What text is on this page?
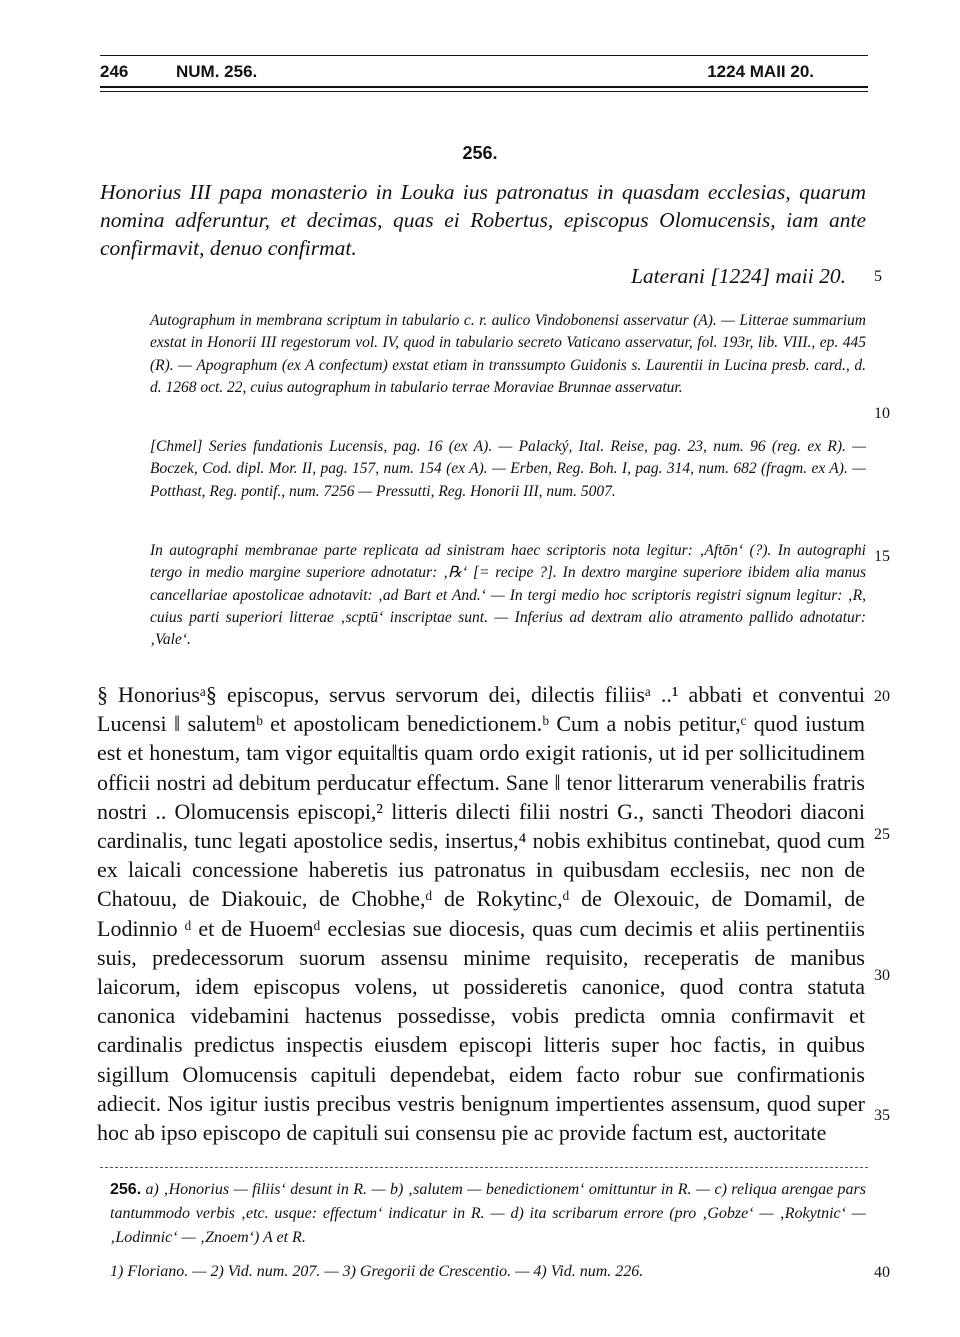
246	NUM. 256.	1224 MAII 20.
256.
Honorius III papa monasterio in Louka ius patronatus in quasdam ecclesias, quarum nomina adferuntur, et decimas, quas ei Robertus, episcopus Olomucensis, iam ante confirmavit, denuo confirmat.
Laterani [1224] maii 20. 5
Autographum in membrana scriptum in tabulario c. r. aulico Vindobonensi asservatur (A). — Litterae summarium exstat in Honorii III regestorum vol. IV, quod in tabulario secreto Vaticano asservatur, fol. 193r, lib. VIII., ep. 445 (R). — Apographum (ex A confectum) exstat etiam in transsumpto Guidonis s. Laurentii in Lucina presb. card., d. d. 1268 oct. 22, cuius autographum in tabulario terrae Moraviae Brunnae asservatur.
10
[Chmel] Series fundationis Lucensis, pag. 16 (ex A). — Palacký, Ital. Reise, pag. 23, num. 96 (reg. ex R). — Boczek, Cod. dipl. Mor. II, pag. 157, num. 154 (ex A). — Erben, Reg. Boh. I, pag. 314, num. 682 (fragm. ex A). — Potthast, Reg. pontif., num. 7256 — Pressutti, Reg. Honorii III, num. 5007.
In autographi membranae parte replicata ad sinistram haec scriptoris nota legitur: ‚Aftōn‘ (?). In autographi tergo in medio margine superiore adnotatur: ‚℞‘ [= recipe ?]. In dextro margine superiore ibidem alia manus cancellariae apostolicae adnotavit: ‚ad Bart et And.‘ — In tergi medio hoc scriptoris registri signum legitur: ‚R, cuius parti superiori litterae ‚scptū‘ inscriptae sunt. — Inferius ad dextram alio atramento pallido adnotatur: ‚Vale‘.
15
§ Honoriusᵃ§ episcopus, servus servorum dei, dilectis filiisᵃ ..¹ abbati et conventui Lucensi ‖ salutemᵇ et apostolicam benedictionem.ᵇ Cum a nobis petitur,ᶜ quod iustum est et honestum, tam vigor equita‖tis quam ordo exigit rationis, ut id per sollicitudinem officii nostri ad debitum perducatur effectum. Sane ‖ tenor litterarum venerabilis fratris nostri .. Olomucensis episcopi,² litteris dilecti filii nostri G., sancti Theodori diaconi cardinalis, tunc legati apostolice sedis, insertus,⁴ nobis exhibitus continebat, quod cum ex laicali concessione haberetis ius patronatus in quibusdam ecclesiis, nec non de Chatouu, de Diakouic, de Chobhe,ᵈ de Rokytinc,ᵈ de Olexouic, de Domamil, de Lodinnio ᵈ et de Huoemᵈ ecclesias sue diocesis, quas cum decimis et aliis pertinentiis suis, predecessorum suorum assensu minime requisito, receperatis de manibus laicorum, idem episcopus volens, ut possideretis canonice, quod contra statuta canonica videbamini hactenus possedisse, vobis predicta omnia confirmavit et cardinalis predictus inspectis eiusdem episcopi litteris super hoc factis, in quibus sigillum Olomucensis capituli dependebat, eidem facto robur sue confirmationis adiecit. Nos igitur iustis precibus vestris benignum impertientes assensum, quod super hoc ab ipso episcopo de capituli sui consensu pie ac provide factum est, auctoritate
20
25
30
35
256. a) ‚Honorius — filiis‘ desunt in R. — b) ‚salutem — benedictionem‘ omittuntur in R. — c) reliqua arengae pars tantummodo verbis ‚etc. usque: effectum‘ indicatur in R. — d) ita scribarum errore (pro ‚Gobze‘ — ‚Rokytnic‘ — ‚Lodinnic‘ — ‚Znoem‘) A et R.
1) Floriano. — 2) Vid. num. 207. — 3) Gregorii de Crescentio. — 4) Vid. num. 226.	40
